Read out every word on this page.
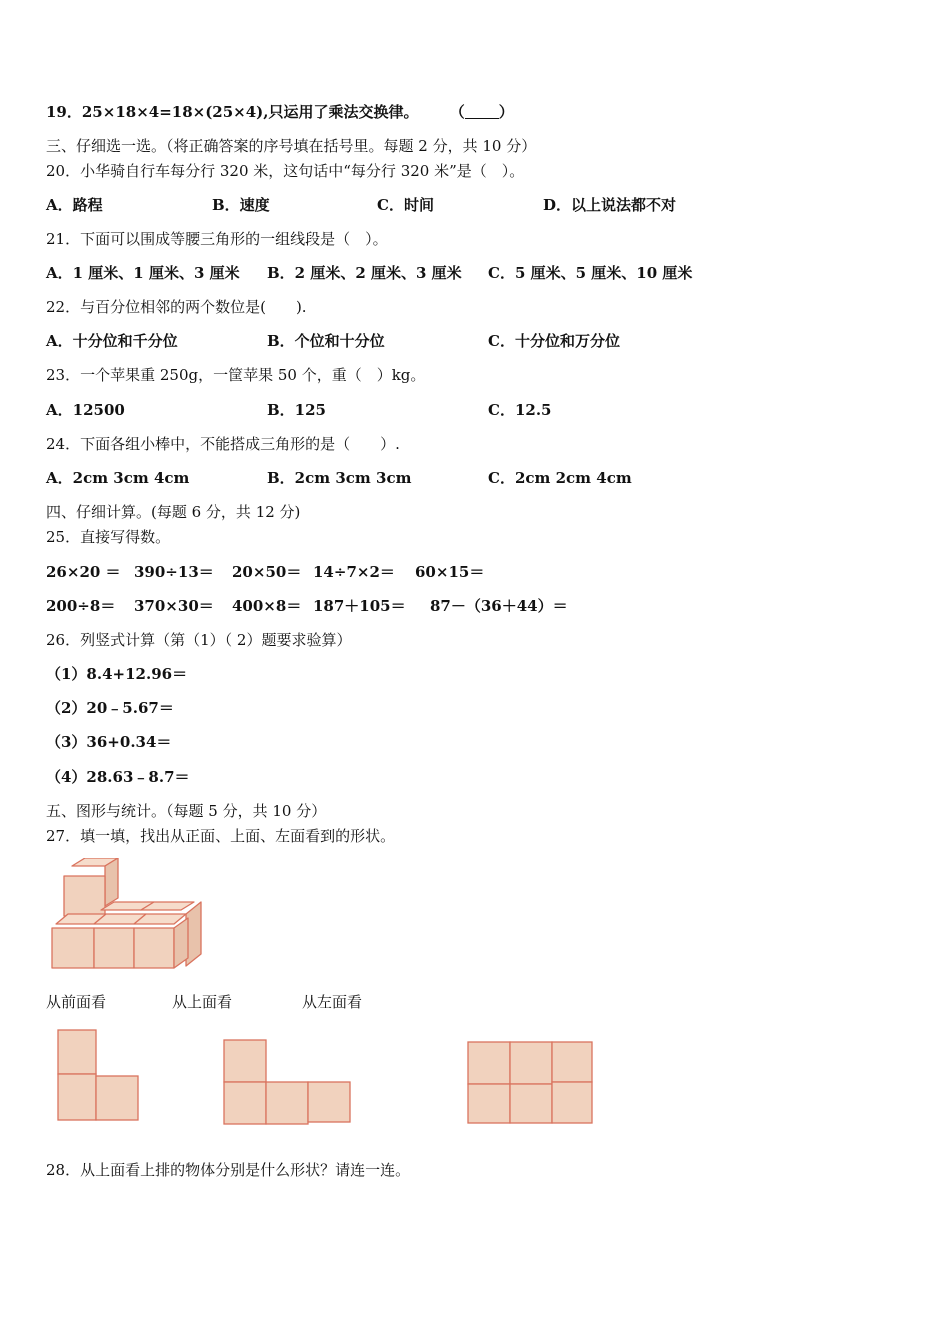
19．25×18×4=18×(25×4),只运用了乘法交换律。 （ ）
三、仔细选一选。（将正确答案的序号填在括号里。每题 2 分，共 10 分）
20．小华骑自行车每分行 320 米，这句话中“每分行 320 米”是（　）。
A．路程	B．速度	C．时间	D．以上说法都不对
21．下面可以围成等腰三角形的一组线段是（　）。
A．1 厘米、1 厘米、3 厘米 B．2 厘米、2 厘米、3 厘米 C．5 厘米、5 厘米、10 厘米
22．与百分位相邻的两个数位是(　　).
A．十分位和千分位	B．个位和十分位	C．十分位和万分位
23．一个苹果重 250g，一筐苹果 50 个，重（　）kg。
A．12500	B．125	C．12.5
24．下面各组小棒中，不能搭成三角形的是（　　）.
A．2cm 3cm 4cm	B．2cm 3cm 3cm	C．2cm 2cm 4cm
四、仔细计算。(每题 6 分，共 12 分)
25．直接写得数。
26×20 ＝ 390÷13＝ 20×50＝ 14÷7×2＝ 60×15＝
200÷8＝ 370×30＝ 400×8＝ 187＋105＝ 87－（36＋44）＝
26．列竖式计算（第（1）（ 2）题要求验算）
（1）8.4+12.96＝
（2）20﹣5.67＝
（3）36+0.34＝
（4）28.63﹣8.7＝
五、图形与统计。（每题 5 分，共 10 分）
27．填一填，找出从正面、上面、左面看到的形状。
从前面看	从上面看	从左面看
28．从上面看上排的物体分别是什么形状？请连一连。
